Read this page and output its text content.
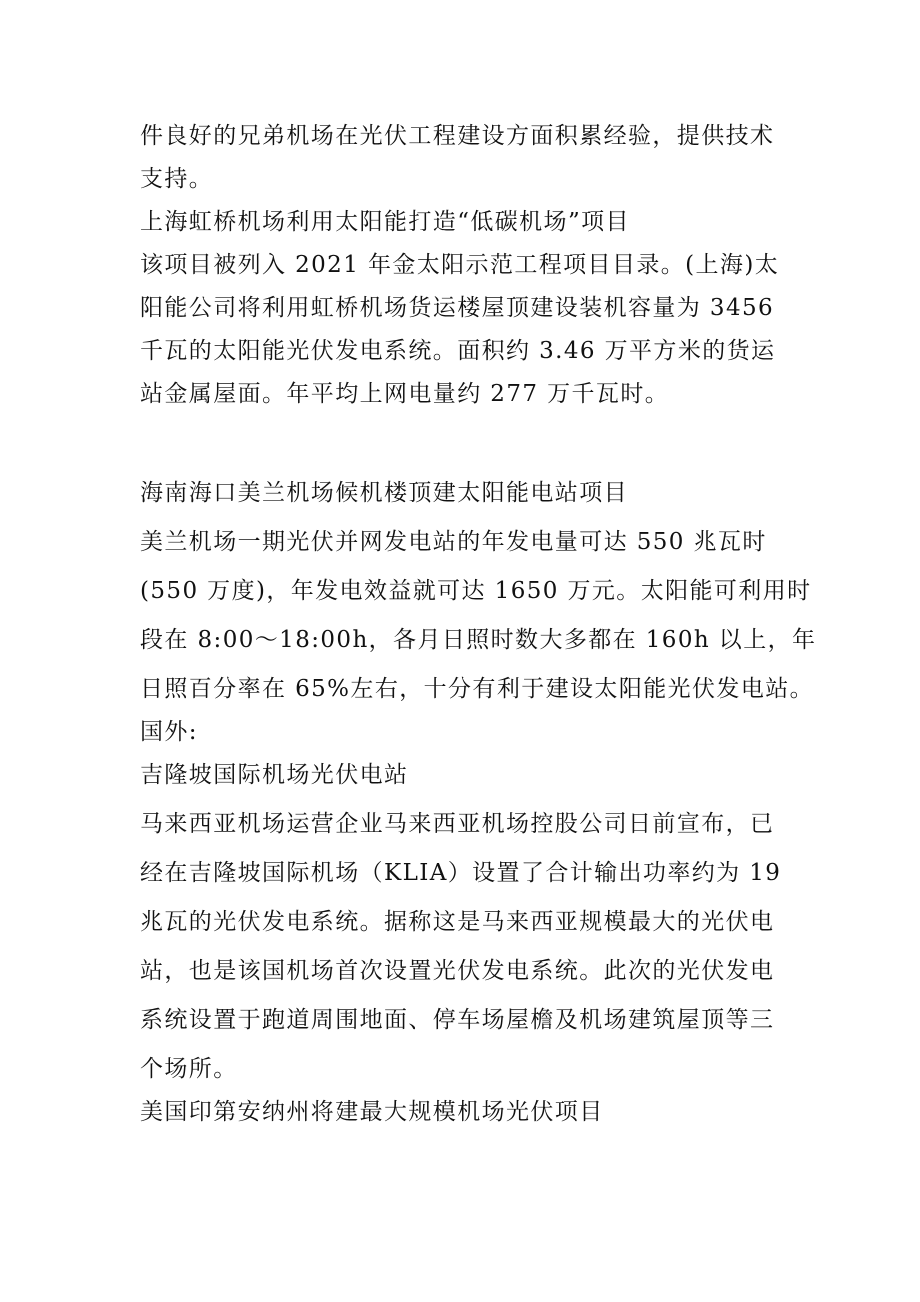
件良好的兄弟机场在光伏工程建设方面积累经验，提供技术
支持。
上海虹桥机场利用太阳能打造“低碳机场”项目
该项目被列入 2021 年金太阳示范工程项目目录。(上海)太
阳能公司将利用虹桥机场货运楼屋顶建设装机容量为 3456
千瓦的太阳能光伏发电系统。面积约 3.46 万平方米的货运
站金属屋面。年平均上网电量约 277 万千瓦时。
海南海口美兰机场候机楼顶建太阳能电站项目
美兰机场一期光伏并网发电站的年发电量可达 550 兆瓦时
(550 万度)，年发电效益就可达 1650 万元。太阳能可利用时
段在 8:00～18:00h，各月日照时数大多都在 160h 以上，年
日照百分率在 65%左右，十分有利于建设太阳能光伏发电站。
国外:
吉隆坡国际机场光伏电站
马来西亚机场运营企业马来西亚机场控股公司日前宣布，已
经在吉隆坡国际机场（KLIA）设置了合计输出功率约为 19
兆瓦的光伏发电系统。据称这是马来西亚规模最大的光伏电
站，也是该国机场首次设置光伏发电系统。此次的光伏发电
系统设置于跑道周围地面、停车场屋檐及机场建筑屋顶等三
个场所。
美国印第安纳州将建最大规模机场光伏项目
